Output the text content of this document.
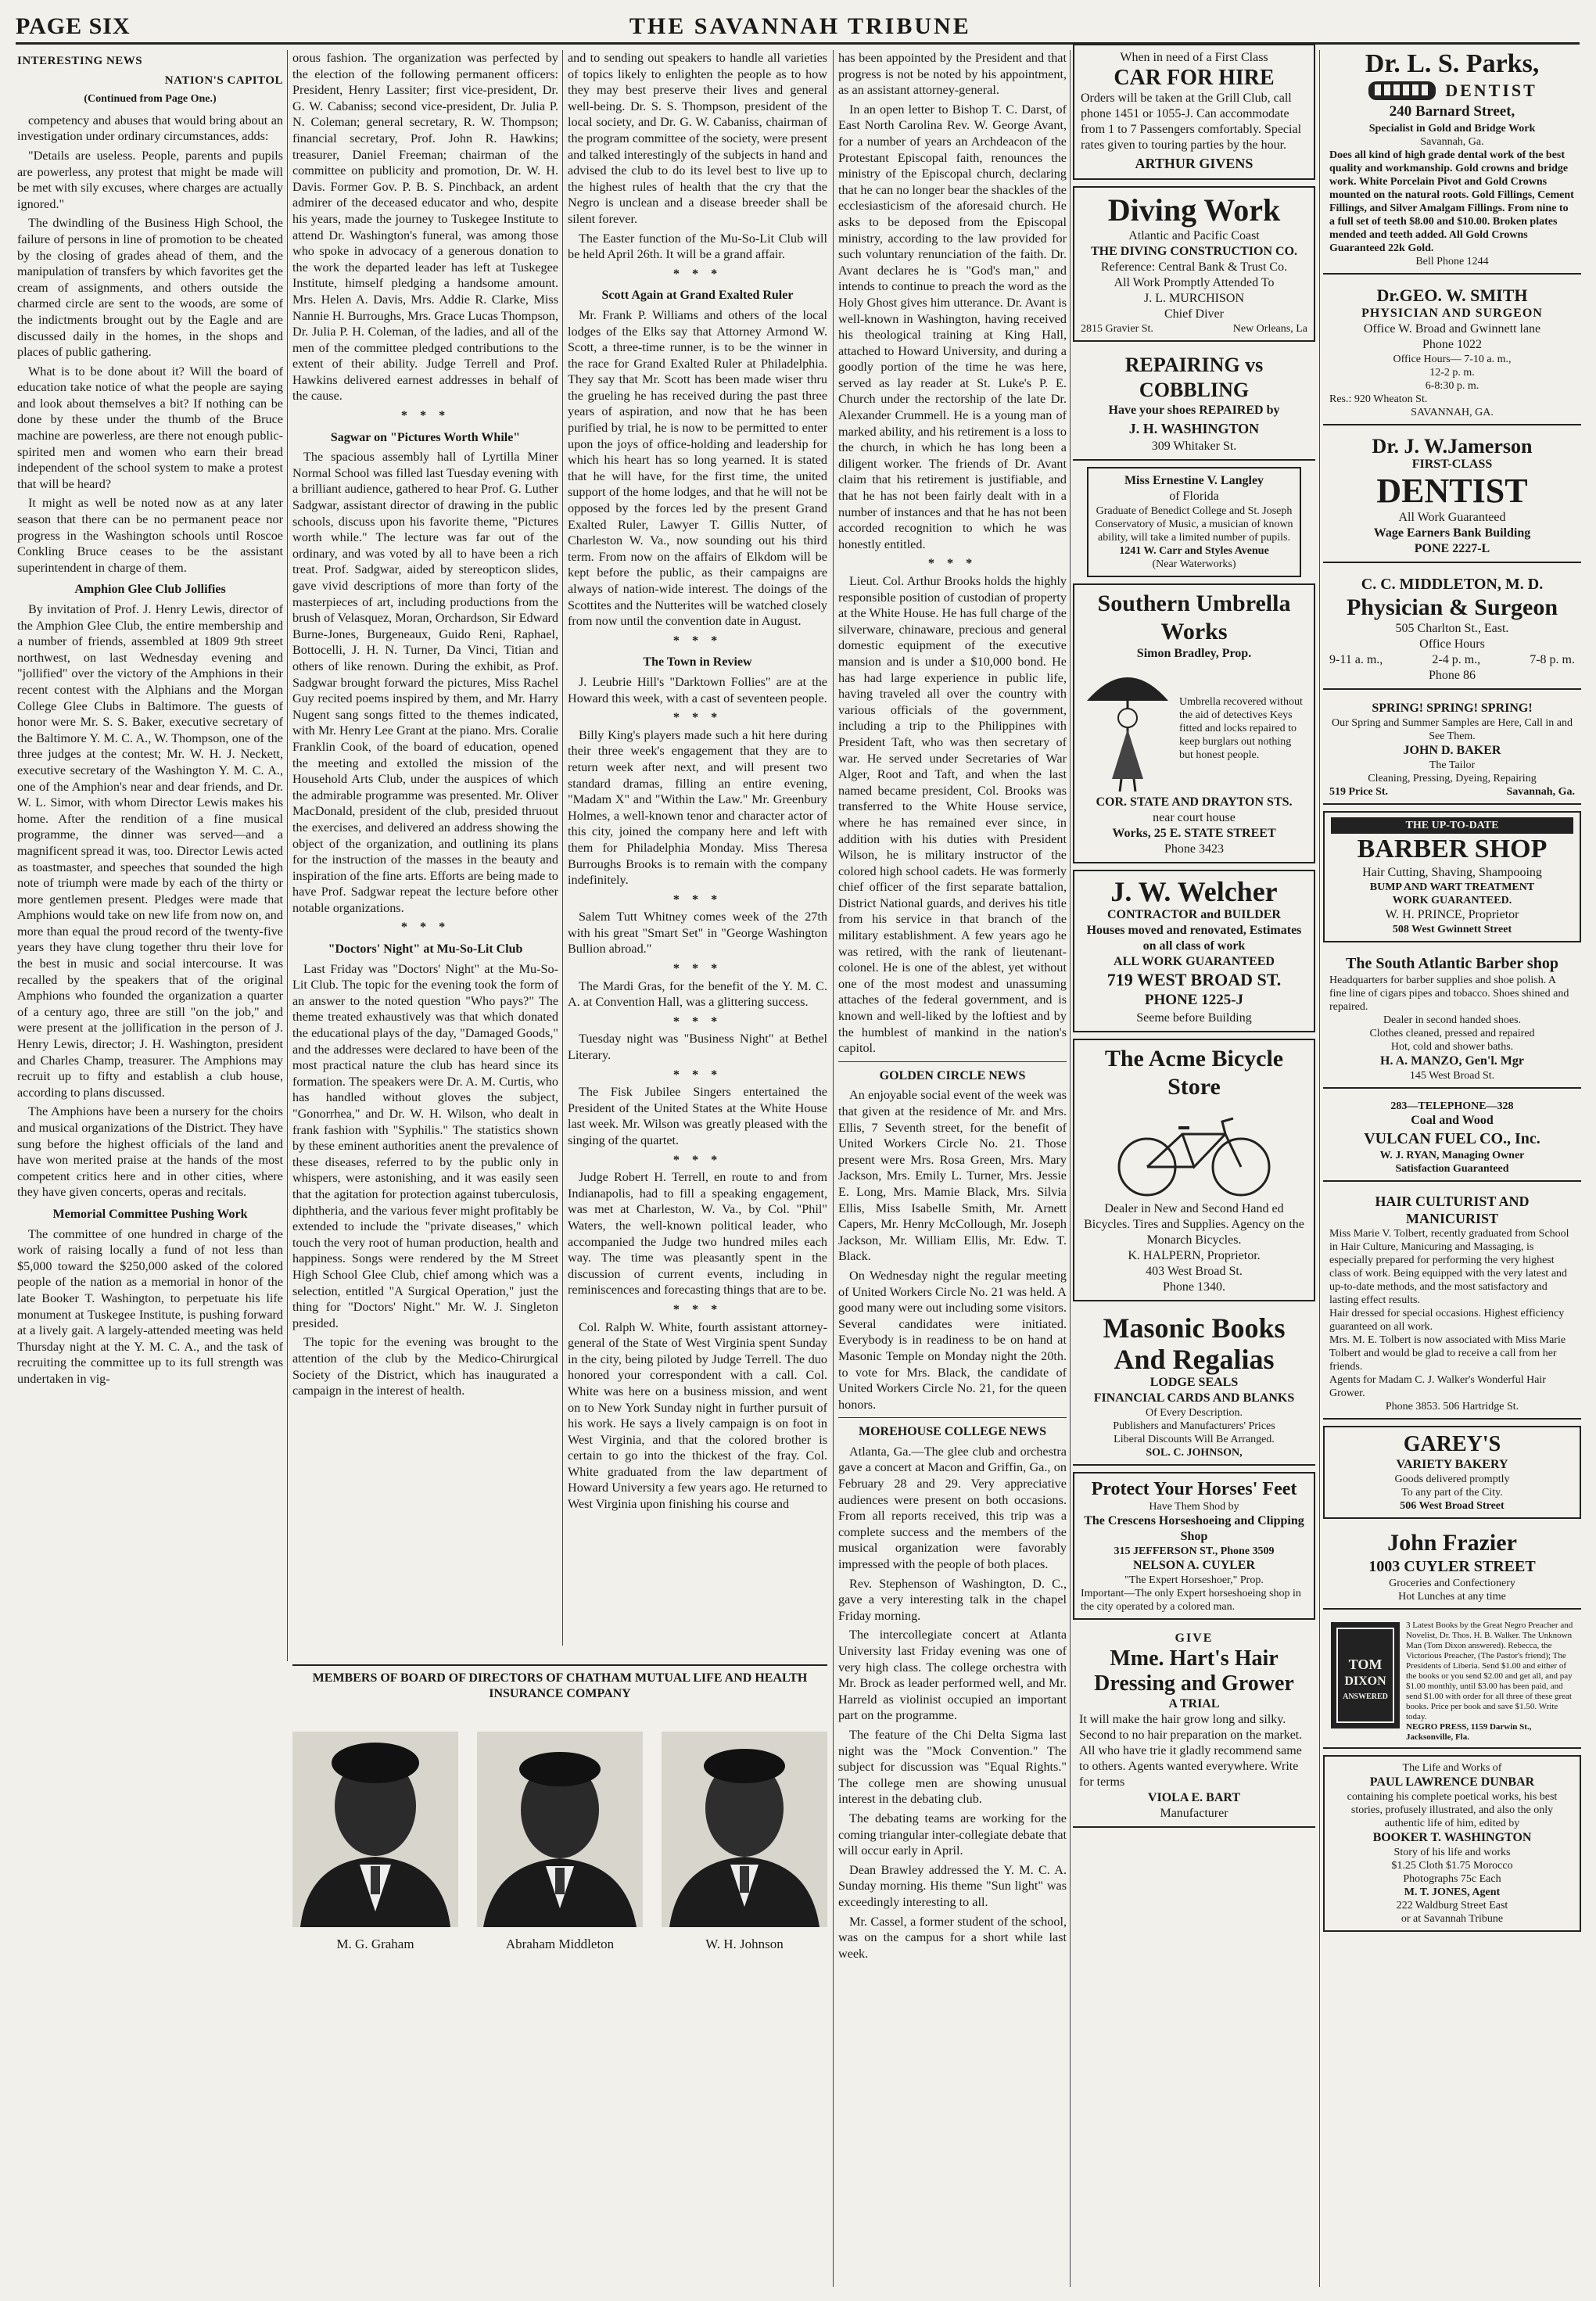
PAGE SIX	THE SAVANNAH TRIBUNE
INTERESTING NEWS
NATION'S CAPITOL
(Continued from Page One.)

competency and abuses that would bring about an investigation under ordinary circumstances, adds:

"Details are useless. People, parents and pupils are powerless, any protest that might be made will be met with sily excuses, where charges are actually ignored."

The dwindling of the Business High School, the failure of persons in line of promotion to be cheated by the closing of grades ahead of them, and the manipulation of transfers by which favorites get the cream of assignments, and others outside the charmed circle are sent to the woods, are some of the indictments brought out by the Eagle and are discussed daily in the homes, in the shops and places of public gathering.

What is to be done about it? Will the board of education take notice of what the people are saying and look about themselves a bit? If nothing can be done by these under the thumb of the Bruce machine are powerless, are there not enough public-spirited men and women who earn their bread independent of the school system to make a protest that will be heard?

It might as well be noted now as at any later season that there can be no permanent peace nor progress in the Washington schools until Roscoe Conkling Bruce ceases to be the assistant superintendent in charge of them.

Amphion Glee Club Jollifies

By invitation of Prof. J. Henry Lewis, director of the Amphion Glee Club, the entire membership and a number of friends, assembled at 1809 9th street northwest, on last Wednesday evening and "jollified" over the victory of the Amphions in their recent contest with the Alphians and the Morgan College Glee Clubs in Baltimore. The guests of honor were Mr. S. S. Baker, executive secretary of the Baltimore Y. M. C. A., W. Thompson, one of the three judges at the contest; Mr. W. H. J. Neckett, executive secretary of the Washington Y. M. C. A., one of the Amphion's near and dear friends, and Dr. W. L. Simor, with whom Director Lewis makes his home. After the rendition of a fine musical programme, the dinner was served—and a magnificent spread it was, too. Director Lewis acted as toastmaster, and speeches that sounded the high note of triumph were made by each of the thirty or more gentlemen present. Pledges were made that Amphions would take on new life from now on, and more than equal the proud record of the twenty-five years they have clung together thru their love for the best in music and social intercourse. It was recalled by the speakers that of the original Amphions who founded the organization a quarter of a century ago, three are still "on the job," and were present at the jollification in the person of J. Henry Lewis, director; J. H. Washington, president and Charles Champ, treasurer. The Amphions may recruit up to fifty and establish a club house, according to plans discussed.

The Amphions have been a nursery for the choirs and musical organizations of the District. They have sung before the highest officials of the land and have won merited praise at the hands of the most competent critics here and in other cities, where they have given concerts, operas and recitals.

Memorial Committee Pushing Work

The committee of one hundred in charge of the work of raising locally a fund of not less than $5,000 toward the $250,000 asked of the colored people of the nation as a memorial in honor of the late Booker T. Washington, to perpetuate his life monument at Tuskegee Institute, is pushing forward at a lively gait. A largely-attended meeting was held Thursday night at the Y. M. C. A., and the task of recruiting the committee up to its full strength was undertaken in vig-

orous fashion. The organization was perfected by the election of the following permanent officers: President, Henry Lassiter; first vice-president, Dr. G. W. Cabaniss; second vice-president, Dr. Julia P. N. Coleman; general secretary, R. W. Thompson; financial secretary, Prof. John R. Hawkins; treasurer, Daniel Freeman; chairman of the committee on publicity and promotion, Dr. W. H. Davis. Former Gov. P. B. S. Pinchback, an ardent admirer of the deceased educator and who, despite his years, made the journey to Tuskegee Institute to attend Dr. Washington's funeral, was among those who spoke in advocacy of a generous donation to the work the departed leader has left at Tuskegee Institute, himself pledging a handsome amount. Mrs. Helen A. Davis, Mrs. Addie R. Clarke, Miss Nannie H. Burroughs, Mrs. Grace Lucas Thompson, Dr. Julia P. H. Coleman, of the ladies, and all of the men of the committee pledged contributions to the extent of their ability. Judge Terrell and Prof. Hawkins delivered earnest addresses in behalf of the cause.

* * *
Sagwar on "Pictures Worth While"

The spacious assembly hall of Lyrtilla Miner Normal School was filled last Tuesday evening with a brilliant audience, gathered to hear Prof. G. Luther Sadgwar, assistant director of drawing in the public schools, discuss upon his favorite theme, "Pictures worth while." The lecture was far out of the ordinary, and was voted by all to have been a rich treat. Prof. Sadgwar, aided by stereopticon slides, gave vivid descriptions of more than forty of the masterpieces of art, including productions from the brush of Velasquez, Moran, Orchardson, Sir Edward Burne-Jones, Burgeneaux, Guido Reni, Raphael, Bottocelli, J. H. N. Turner, Da Vinci, Titian and others of like renown. During the exhibit, as Prof. Sadgwar brought forward the pictures, Miss Rachel Guy recited poems inspired by them, and Mr. Harry Nugent sang songs fitted to the themes indicated, with Mr. Henry Lee Grant at the piano. Mrs. Coralie Franklin Cook, of the board of education, opened the meeting and extolled the mission of the Household Arts Club, under the auspices of which the admirable programme was presented. Mr. Oliver MacDonald, president of the club, presided thruout the exercises, and delivered an address showing the object of the organization, and outlining its plans for the instruction of the masses in the beauty and inspiration of the fine arts. Efforts are being made to have Prof. Sadgwar repeat the lecture before other notable organizations.

* * *
"Doctors' Night" at Mu-So-Lit Club

Last Friday was "Doctors' Night" at the Mu-So-Lit Club. The topic for the evening took the form of an answer to the noted question "Who pays?" The theme treated exhaustively was that which donated the educational plays of the day, "Damaged Goods," and the addresses were declared to have been of the most practical nature the club has heard since its formation. The speakers were Dr. A. M. Curtis, who has handled without gloves the subject, "Gonorrhea," and Dr. W. H. Wilson, who dealt in frank fashion with "Syphilis." The statistics shown by these eminent authorities anent the prevalence of these diseases, referred to by the public only in whispers, were astonishing, and it was easily seen that the agitation for protection against tuberculosis, diphtheria, and the various fever might profitably be extended to include the "private diseases," which touch the very root of human production, health and happiness. Songs were rendered by the M Street High School Glee Club, chief among which was a selection, entitled "A Surgical Operation," just the thing for "Doctors' Night." Mr. W. J. Singleton presided.

The topic for the evening was brought to the attention of the club by the Medico-Chirurgical Society of the District, which has inaugurated a campaign in the interest of health.

and to sending out speakers to handle all varieties of topics likely to enlighten the people as to how they may best preserve their lives and general well-being. Dr. S. S. Thompson, president of the local society, and Dr. G. W. Cabaniss, chairman of the program committee of the society, were present and talked interestingly of the subjects in hand and advised the club to do its level best to live up to the highest rules of health that the cry that the Negro is unclean and a disease breeder shall be silent forever.

The Easter function of the Mu-So-Lit Club will be held April 26th. It will be a grand affair.

* * *
Scott Again at Grand Exalted Ruler

Mr. Frank P. Williams and others of the local lodges of the Elks say that Attorney Armond W. Scott, a three-time runner, is to be the winner in the race for Grand Exalted Ruler at Philadelphia. They say that Mr. Scott has been made wiser thru the grueling he has received during the past three years of aspiration, and now that he has been purified by trial, he is now to be permitted to enter upon the joys of office-holding and leadership for which his heart has so long yearned. It is stated that he will have, for the first time, the united support of the home lodges, and that he will not be opposed by the forces led by the present Grand Exalted Ruler, Lawyer T. Gillis Nutter, of Charleston W. Va., now sounding out his third term. From now on the affairs of Elkdom will be kept before the public, as their campaigns are always of nation-wide interest. The doings of the Scottites and the Nutterites will be watched closely from now until the convention date in August.

* * *
The Town in Review

J. Leubrie Hill's "Darktown Follies" are at the Howard this week, with a cast of seventeen people.

* * *

Billy King's players made such a hit here during their three week's engagement that they are to return week after next, and will present two standard dramas, filling an entire evening, "Madam X" and "Within the Law." Mr. Greenbury Holmes, a well-known tenor and character actor of this city, joined the company here and left with them for Philadelphia Monday. Miss Theresa Burroughs Brooks is to remain with the company indefinitely.

* * *

Salem Tutt Whitney comes week of the 27th with his great "Smart Set" in "George Washington Bullion abroad."

* * *

The Mardi Gras, for the benefit of the Y. M. C. A. at Convention Hall, was a glittering success.

* * *

Tuesday night was "Business Night" at Bethel Literary.

* * *

The Fisk Jubilee Singers entertained the President of the United States at the White House last week. Mr. Wilson was greatly pleased with the singing of the quartet.

* * *

Judge Robert H. Terrell, en route to and from Indianapolis, had to fill a speaking engagement, was met at Charleston, W. Va., by Col. "Phil" Waters, the well-known political leader, who accompanied the Judge two hundred miles each way. The time was pleasantly spent in the discussion of current events, including in reminiscences and forecasting things that are to be.

* * *

Col. Ralph W. White, fourth assistant attorney-general of the State of West Virginia spent Sunday in the city, being piloted by Judge Terrell. The duo honored your correspondent with a call. Col. White was here on a business mission, and went on to New York Sunday night in further pursuit of his work. He says a lively campaign is on foot in West Virginia, and that the colored brother is certain to go into the thickest of the fray. Col. White graduated from the law department of Howard University a few years ago. He returned to West Virginia upon finishing his course and

has been appointed by the President and that progress is not be noted by his appointment, as an assistant attorney-general.

In an open letter to Bishop T. C. Darst, of East North Carolina Rev. W. George Avant, for a number of years an Archdeacon of the Protestant Episcopal faith, renounces the ministry of the Episcopal church, declaring that he can no longer bear the shackles of the ecclesiasticism of the aforesaid church. He asks to be deposed from the Episcopal ministry, according to the law provided for such voluntary renunciation of the faith. Dr. Avant declares he is "God's man," and intends to continue to preach the word as the Holy Ghost gives him utterance. Dr. Avant is well-known in Washington, having received his theological training at King Hall, attached to Howard University, and during a goodly portion of the time he was here, served as lay reader at St. Luke's P. E. Church under the rectorship of the late Dr. Alexander Crummell. He is a young man of marked ability, and his retirement is a loss to the church, in which he has long been a diligent worker. The friends of Dr. Avant claim that his retirement is justifiable, and that he has not been fairly dealt with in a number of instances and that he has not been accorded recognition to which he was honestly entitled.

* * *

Lieut. Col. Arthur Brooks holds the highly responsible position of custodian of property at the White House. He has full charge of the silverware, chinaware, precious and general domestic equipment of the executive mansion and is under a $10,000 bond. He has had large experience in public life, having traveled all over the country with various officials of the government, including a trip to the Philippines with President Taft, who was then secretary of war. He served under Secretaries of War Alger, Root and Taft, and when the last named became president, Col. Brooks was transferred to the White House service, where he has remained ever since, in addition with his duties with President Wilson, he is military instructor of the colored high school cadets. He was formerly chief officer of the first separate battalion, District National guards, and derives his title from his service in that branch of the military establishment. A few years ago he was retired, with the rank of lieutenant-colonel. He is one of the ablest, yet without one of the most modest and unassuming attaches of the federal government, and is known and well-liked by the loftiest and by the humblest of mankind in the nation's capitol.

GOLDEN CIRCLE NEWS

An enjoyable social event of the week was that given at the residence of Mr. and Mrs. Ellis, 7 Seventh street, for the benefit of United Workers Circle No. 21. Those present were Mrs. Rosa Green, Mrs. Mary Jackson, Mrs. Emily L. Turner, Mrs. Jessie E. Long, Mrs. Mamie Black, Mrs. Silvia Ellis, Miss Isabelle Smith, Mr. Arnett Capers, Mr. Henry McCollough, Mr. Joseph Jackson, Mr. William Ellis, Mr. Edw. T. Black.

On Wednesday night the regular meeting of United Workers Circle No. 21 was held. A good many were out including some visitors. Several candidates were initiated. Everybody is in readiness to be on hand at Masonic Temple on Monday night the 20th. to vote for Mrs. Black, the candidate of United Workers Circle No. 21, for the queen honors.

MOREHOUSE COLLEGE NEWS

Atlanta, Ga.—The glee club and orchestra gave a concert at Macon and Griffin, Ga., on February 28 and 29. Very appreciative audiences were present on both occasions. From all reports received, this trip was a complete success and the members of the musical organization were favorably impressed with the people of both places.

Rev. Stephenson of Washington, D. C., gave a very interesting talk in the chapel Friday morning.

The intercollegiate concert at Atlanta University last Friday evening was one of very high class. The college orchestra with Mr. Brock as leader performed well, and Mr. Harreld as violinist occupied an important part on the programme.

The feature of the Chi Delta Sigma last night was the "Mock Convention." The subject for discussion was "Equal Rights." The college men are showing unusual interest in the debating club.

The debating teams are working for the coming triangular inter-collegiate debate that will occur early in April.

Dean Brawley addressed the Y. M. C. A. Sunday morning. His theme "Sun light" was exceedingly interesting to all.

Mr. Cassel, a former student of the school, was on the campus for a short while last week.

MEMBERS OF BOARD OF DIRECTORS OF CHATHAM MUTUAL LIFE AND HEALTH INSURANCE COMPANY
M. G. Graham	Abraham Middleton	W. H. Johnson
When in need of a First Class
CAR FOR HIRE
Orders will be taken at the Grill Club, call phone 1451 or 1055-J. Can accommodate from 1 to 7 Passengers comfortably. Special rates given to touring parties by the hour.
ARTHUR GIVENS
Diving Work
Atlantic and Pacific Coast
THE DIVING CONSTRUCTION CO.
Reference: Central Bank & Trust Co.
All Work Promptly Attended To
J. L. MURCHISON
Chief Diver
2815 Gravier St.	New Orleans, La
REPAIRING vs COBBLING
Have your shoes REPAIRED by
J. H. WASHINGTON
309 Whitaker St.
Miss Ernestine V. Langley
of Florida
Graduate of Benedict College and St. Joseph Conservatory of Music, a musician of known ability, will take a limited number of pupils.
1241 W. Carr and Styles Avenue
(Near Waterworks)
Southern Umbrella Works
Simon Bradley, Prop.
Umbrella recovered without the aid of detectives Keys fitted and locks repaired to keep burglars out nothing but honest people.
COR. STATE AND DRAYTON STS.
near court house
Works, 25 E. STATE STREET
Phone 3423
J. W. Welcher
CONTRACTOR and BUILDER
Houses moved and renovated, Estimates on all class of work
ALL WORK GUARANTEED
719 WEST BROAD ST.
PHONE 1225-J
Seeme before Building
The Acme Bicycle Store
Dealer in New and Second Hand ed Bicycles. Tires and Supplies. Agency on the Monarch Bicycles.
K. HALPERN, Proprietor.
403 West Broad St.
Phone 1340.
Masonic Books
And Regalias
LODGE SEALS
FINANCIAL CARDS AND BLANKS
Of Every Description.
Publishers and Manufacturers' Prices
Liberal Discounts Will Be Arranged.
SOL. C. JOHNSON,
Protect Your Horses' Feet
Have Them Shod by
The Crescens Horseshoeing and Clipping Shop
315 JEFFERSON ST., Phone 3509
NELSON A. CUYLER
"The Expert Horseshoer," Prop.
Important—The only Expert horseshoeing shop in the city operated by a colored man.
GIVE
Mme. Hart's Hair Dressing and Grower
A TRIAL
It will make the hair grow long and silky. Second to no hair preparation on the market. All who have trie it gladly recommend same to others. Agents wanted everywhere. Write for terms
VIOLA E. BART
Manufacturer
Dr. L. S. Parks,
DENTIST
240 Barnard Street,
Specialist in Gold and Bridge Work
Savannah, Ga.
Does all kind of high grade dental work of the best quality and workmanship. Gold crowns and bridge work. White Porcelain Pivot and Gold Crowns mounted on the natural roots. Gold Fillings, Cement Fillings, and Silver Amalgam Fillings. From nine to a full set of teeth $8.00 and $10.00. Broken plates mended and teeth added. All Gold Crowns Guaranteed 22k Gold.
Bell Phone 1244
Dr.GEO. W. SMITH
PHYSICIAN AND SURGEON
Office W. Broad and Gwinnett lane
Phone 1022
Office Hours— 7-10 a. m.,
12-2 p. m.
6-8:30 p. m.
Res.: 920 Wheaton St.
SAVANNAH, GA.
Dr. J. W.Jamerson
FIRST-CLASS
DENTIST
All Work Guaranteed
Wage Earners Bank Building
PONE 2227-L
C. C. MIDDLETON, M. D.
Physician & Surgeon
505 Charlton St., East.
Office Hours
9-11 a. m.,	2-4 p. m.,	7-8 p. m.
Phone 86
SPRING! SPRING! SPRING!
Our Spring and Summer Samples are Here, Call in and See Them.
JOHN D. BAKER
The Tailor
Cleaning, Pressing, Dyeing, Repairing
519 Price St.	Savannah, Ga.
THE UP-TO-DATE
BARBER SHOP
Hair Cutting, Shaving, Shampooing
BUMP AND WART TREATMENT
WORK GUARANTEED.
W. H. PRINCE, Proprietor
508 West Gwinnett Street
The South Atlantic Barber shop
Headquarters for barber supplies and shoe polish. A fine line of cigars pipes and tobacco. Shoes shined and repaired.
Dealer in second handed shoes.
Clothes cleaned, pressed and repaired
Hot, cold and shower baths.
H. A. MANZO, Gen'l. Mgr
145 West Broad St.
283—TELEPHONE—328
Coal and Wood
VULCAN FUEL CO., Inc.
W. J. RYAN, Managing Owner
Satisfaction Guaranteed
HAIR CULTURIST AND MANICURIST
Miss Marie V. Tolbert, recently graduated from School in Hair Culture, Manicuring and Massaging, is especially prepared for performing the very highest class of work. Being equipped with the very latest and up-to-date methods, and the most satisfactory and lasting effect results.
Hair dressed for special occasions. Highest efficiency guaranteed on all work.
Mrs. M. E. Tolbert is now associated with Miss Marie Tolbert and would be glad to receive a call from her friends.
Agents for Madam C. J. Walker's Wonderful Hair Grower.
Phone 3853. 506 Hartridge St.
GAREY'S
VARIETY BAKERY
Goods delivered promptly
To any part of the City.
506 West Broad Street
John Frazier
1003 CUYLER STREET
Groceries and Confectionery
Hot Lunches at any time
TOM
DIXON
ANSWERED
3 Latest Books by the Great Negro Preacher and Novelist, Dr. Thos. H. B. Walker. The Unknown Man (Tom Dixon answered). Rebecca, the Victorious Preacher, (The Pastor's friend); The Presidents of Liberia. Send $1.00 and either of the books or you send $2.00 and get all, and pay $1.00 monthly, until $3.00 has been paid, and send $1.00 with order for all three of these great books. Price per book and save $1.50. Write today.
NEGRO PRESS, 1159 Darwin St., Jacksonville, Fla.
The Life and Works of
PAUL LAWRENCE DUNBAR
containing his complete poetical works, his best stories, profusely illustrated, and also the only authentic life of him, edited by
BOOKER T. WASHINGTON
Story of his life and works
$1.25 Cloth $1.75 Morocco
Photographs 75c Each
M. T. JONES, Agent
222 Waldburg Street East
or at Savannah Tribune
